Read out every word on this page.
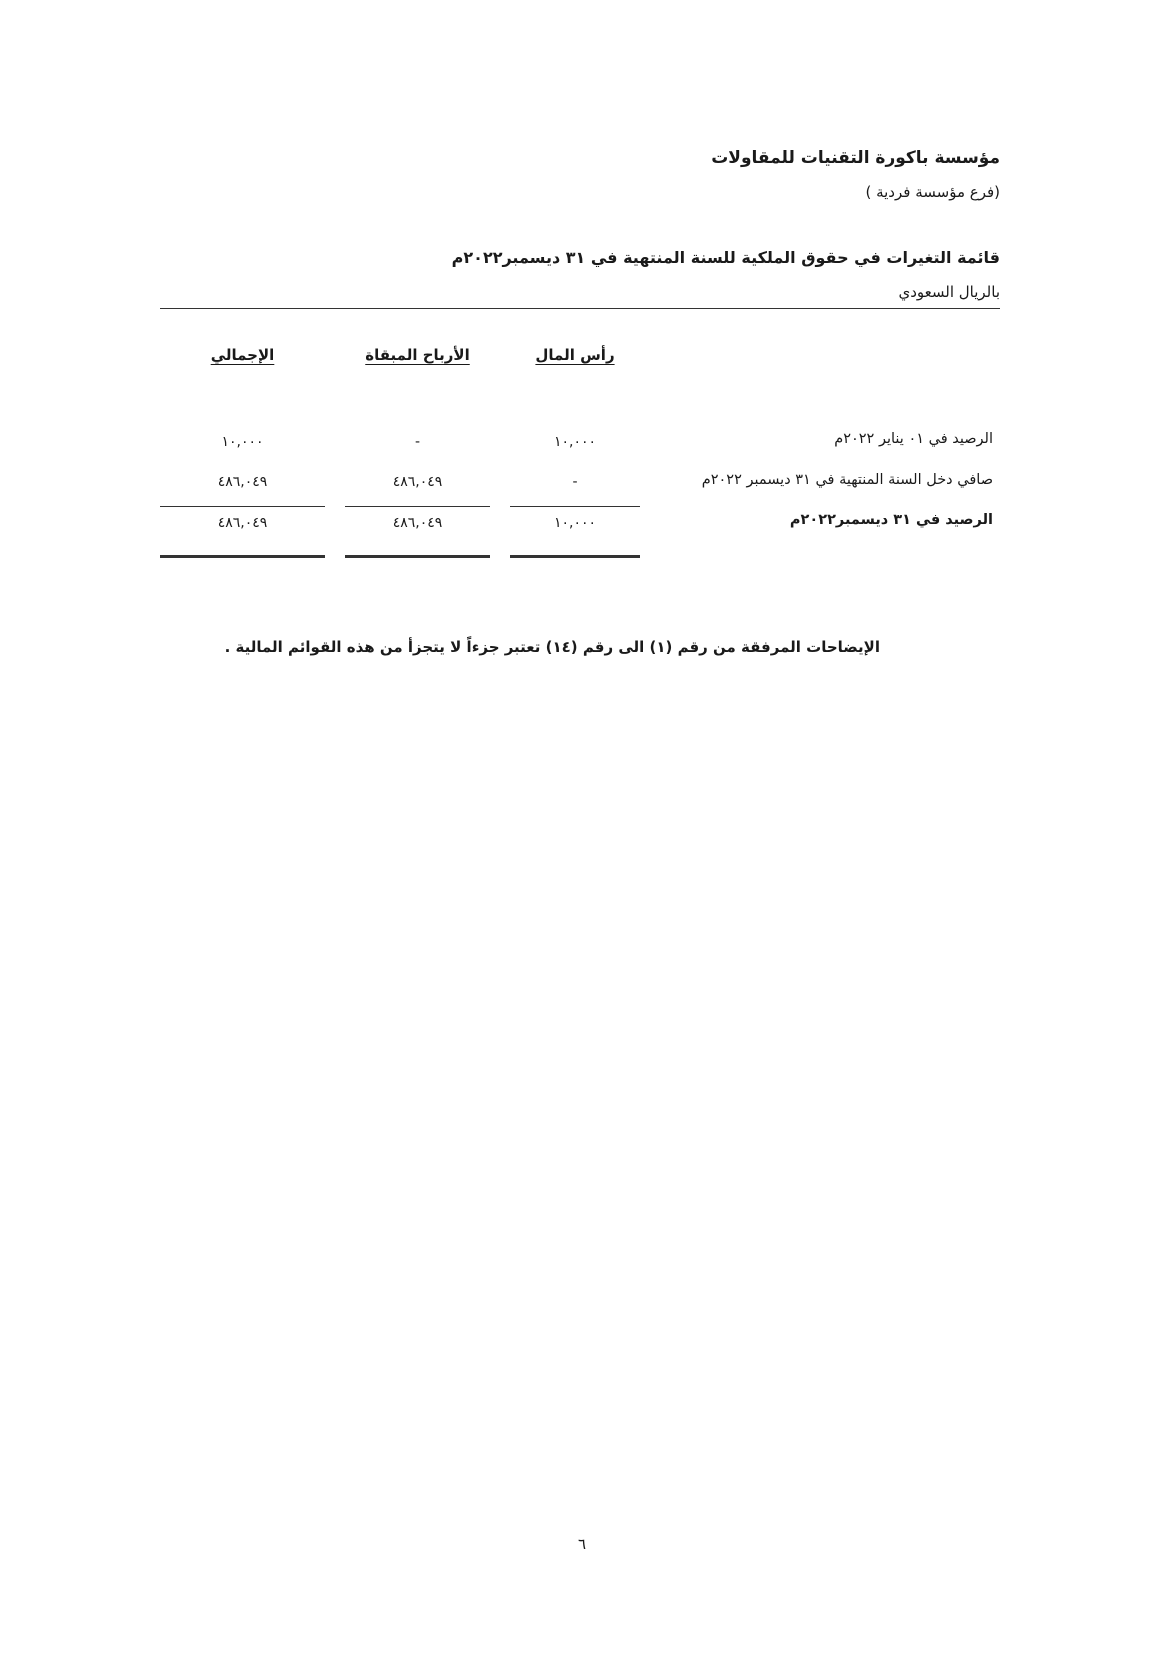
مؤسسة باكورة التقنيات للمقاولات
(فرع مؤسسة فردية )
قائمة التغيرات في حقوق الملكية للسنة المنتهية في ٣١ ديسمبر٢٠٢٢م
بالريال السعودي
رأس المال
الأرباح المبقاة
الإجمالي
الرصيد في ٠١ يناير ٢٠٢٢م
١٠,٠٠٠
-
١٠,٠٠٠
صافي دخل السنة المنتهية في ٣١ ديسمبر ٢٠٢٢م
-
٤٨٦,٠٤٩
٤٨٦,٠٤٩
الرصيد في ٣١ ديسمبر٢٠٢٢م
١٠,٠٠٠
٤٨٦,٠٤٩
٤٨٦,٠٤٩
الإيضاحات المرفقة من رقم (١) الى رقم (١٤) تعتبر جزءاً لا يتجزأ من هذه القوائم المالية .
٦
